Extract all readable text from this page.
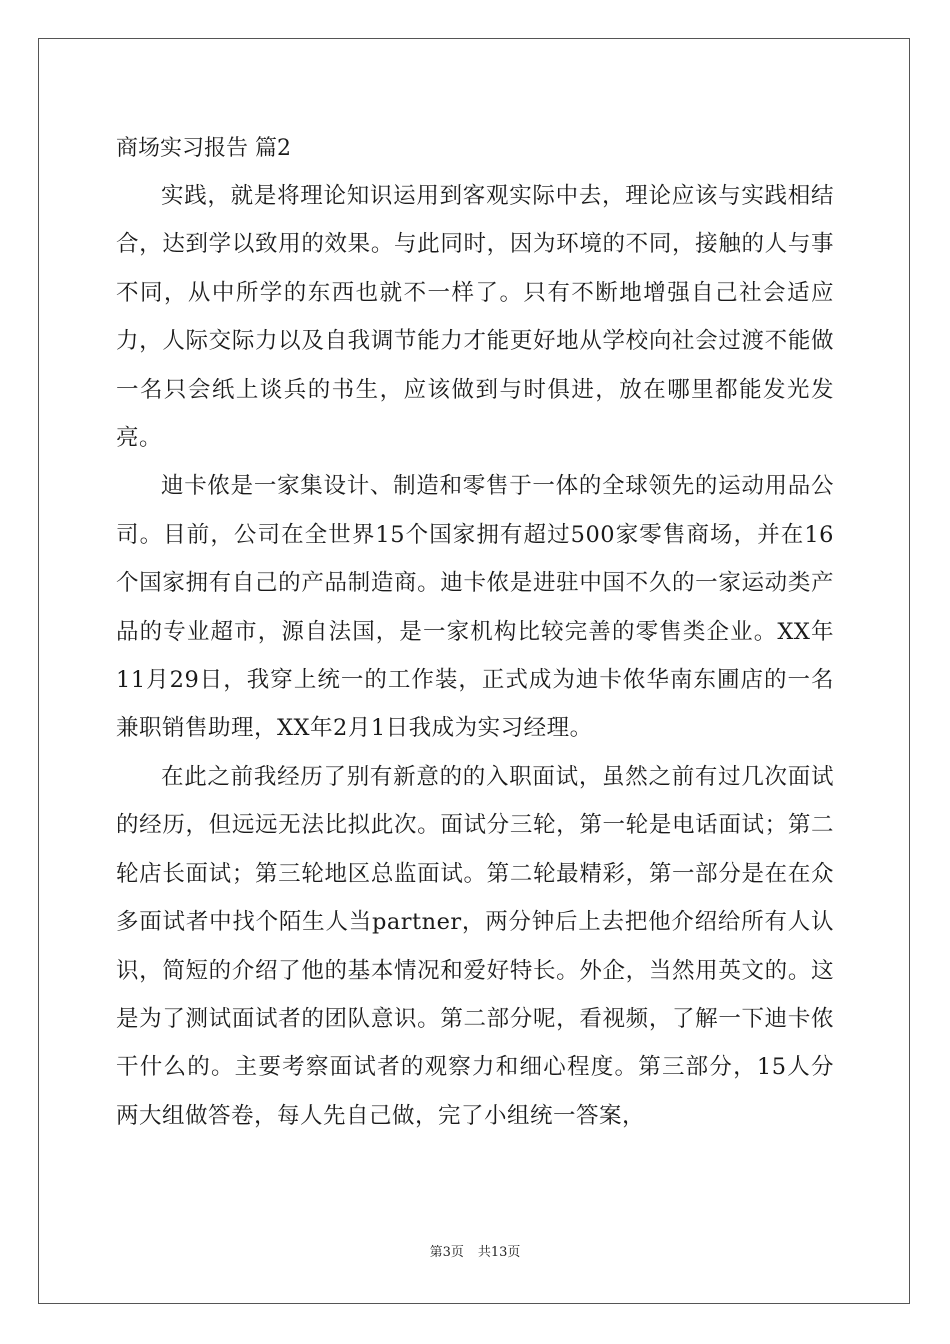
商场实习报告 篇2

实践，就是将理论知识运用到客观实际中去，理论应该与实践相结合，达到学以致用的效果。与此同时，因为环境的不同，接触的人与事不同，从中所学的东西也就不一样了。只有不断地增强自己社会适应力，人际交际力以及自我调节能力才能更好地从学校向社会过渡不能做一名只会纸上谈兵的书生，应该做到与时俱进，放在哪里都能发光发亮。

迪卡侬是一家集设计、制造和零售于一体的全球领先的运动用品公司。目前，公司在全世界15个国家拥有超过500家零售商场，并在16个国家拥有自己的产品制造商。迪卡侬是进驻中国不久的一家运动类产品的专业超市，源自法国，是一家机构比较完善的零售类企业。XX年11月29日，我穿上统一的工作装，正式成为迪卡侬华南东圃店的一名兼职销售助理，XX年2月1日我成为实习经理。

在此之前我经历了别有新意的的入职面试，虽然之前有过几次面试的经历，但远远无法比拟此次。面试分三轮，第一轮是电话面试；第二轮店长面试；第三轮地区总监面试。第二轮最精彩，第一部分是在在众多面试者中找个陌生人当partner，两分钟后上去把他介绍给所有人认识，简短的介绍了他的基本情况和爱好特长。外企，当然用英文的。这是为了测试面试者的团队意识。第二部分呢，看视频，了解一下迪卡侬干什么的。主要考察面试者的观察力和细心程度。第三部分，15人分两大组做答卷，每人先自己做，完了小组统一答案，

第3页 共13页
